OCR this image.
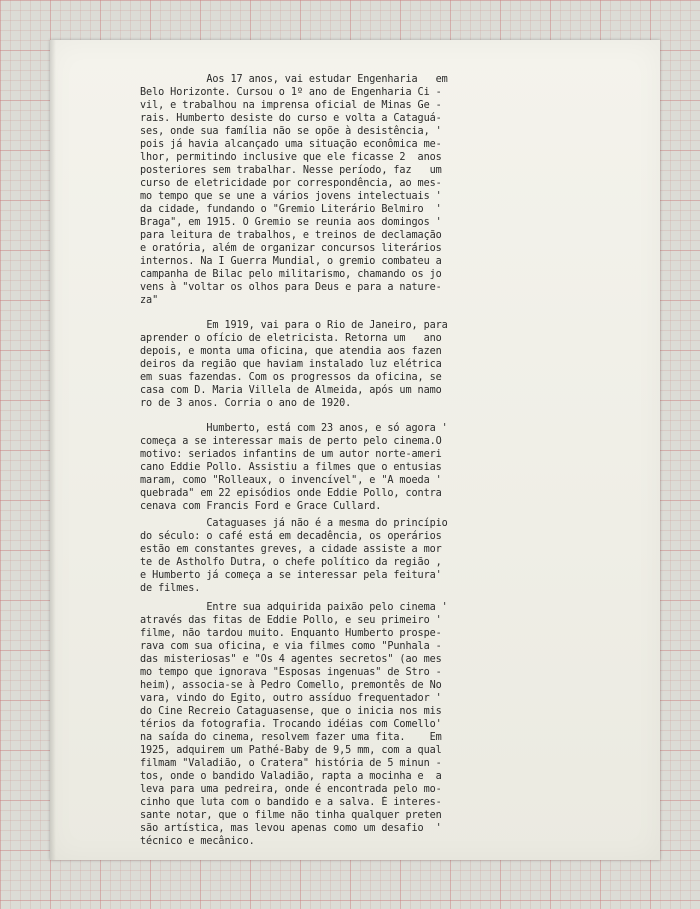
Aos 17 anos, vai estudar Engenharia   em
Belo Horizonte. Cursou o 1º ano de Engenharia Ci -
vil, e trabalhou na imprensa oficial de Minas Ge -
rais. Humberto desiste do curso e volta a Cataguá-
ses, onde sua família não se opõe à desistência, '
pois já havia alcançado uma situação econômica me-
lhor, permitindo inclusive que ele ficasse 2  anos
posteriores sem trabalhar. Nesse período, faz   um
curso de eletricidade por correspondência, ao mes-
mo tempo que se une a vários jovens intelectuais '
da cidade, fundando o "Gremio Literário Belmiro  '
Braga", em 1915. O Gremio se reunia aos domingos '
para leitura de trabalhos, e treinos de declamação
e oratória, além de organizar concursos literários
internos. Na I Guerra Mundial, o gremio combateu a
campanha de Bilac pelo militarismo, chamando os jo
vens à "voltar os olhos para Deus e para a nature-
za"
Em 1919, vai para o Rio de Janeiro, para
aprender o ofício de eletricista. Retorna um   ano
depois, e monta uma oficina, que atendia aos fazen
deiros da região que haviam instalado luz elétrica
em suas fazendas. Com os progressos da oficina, se
casa com D. Maria Villela de Almeida, após um namo
ro de 3 anos. Corria o ano de 1920.
Humberto, está com 23 anos, e só agora '
começa a se interessar mais de perto pelo cinema.O
motivo: seriados infantins de um autor norte-ameri
cano Eddie Pollo. Assistiu a filmes que o entusias
maram, como "Rolleaux, o invencível", e "A moeda '
quebrada" em 22 episódios onde Eddie Pollo, contra
cenava com Francis Ford e Grace Cullard.
Cataguases já não é a mesma do princípio
do século: o café está em decadência, os operários
estão em constantes greves, a cidade assiste a mor
te de Astholfo Dutra, o chefe político da região ,
e Humberto já começa a se interessar pela feitura'
de filmes.
Entre sua adquirida paixão pelo cinema '
através das fitas de Eddie Pollo, e seu primeiro '
filme, não tardou muito. Enquanto Humberto prospe-
rava com sua oficina, e via filmes como "Punhala -
das misteriosas" e "Os 4 agentes secretos" (ao mes
mo tempo que ignorava "Esposas ingenuas" de Stro -
heim), associa-se à Pedro Comello, premontês de No
vara, vindo do Egito, outro assíduo frequentador '
do Cine Recreio Cataguasense, que o inicia nos mis
térios da fotografia. Trocando idéias com Comello'
na saída do cinema, resolvem fazer uma fita.    Em
1925, adquirem um Pathé-Baby de 9,5 mm, com a qual
filmam "Valadião, o Cratera" história de 5 minun -
tos, onde o bandido Valadião, rapta a mocinha e  a
leva para uma pedreira, onde é encontrada pelo mo-
cinho que luta com o bandido e a salva. É interes-
sante notar, que o filme não tinha qualquer preten
são artística, mas levou apenas como um desafio  '
técnico e mecânico.
